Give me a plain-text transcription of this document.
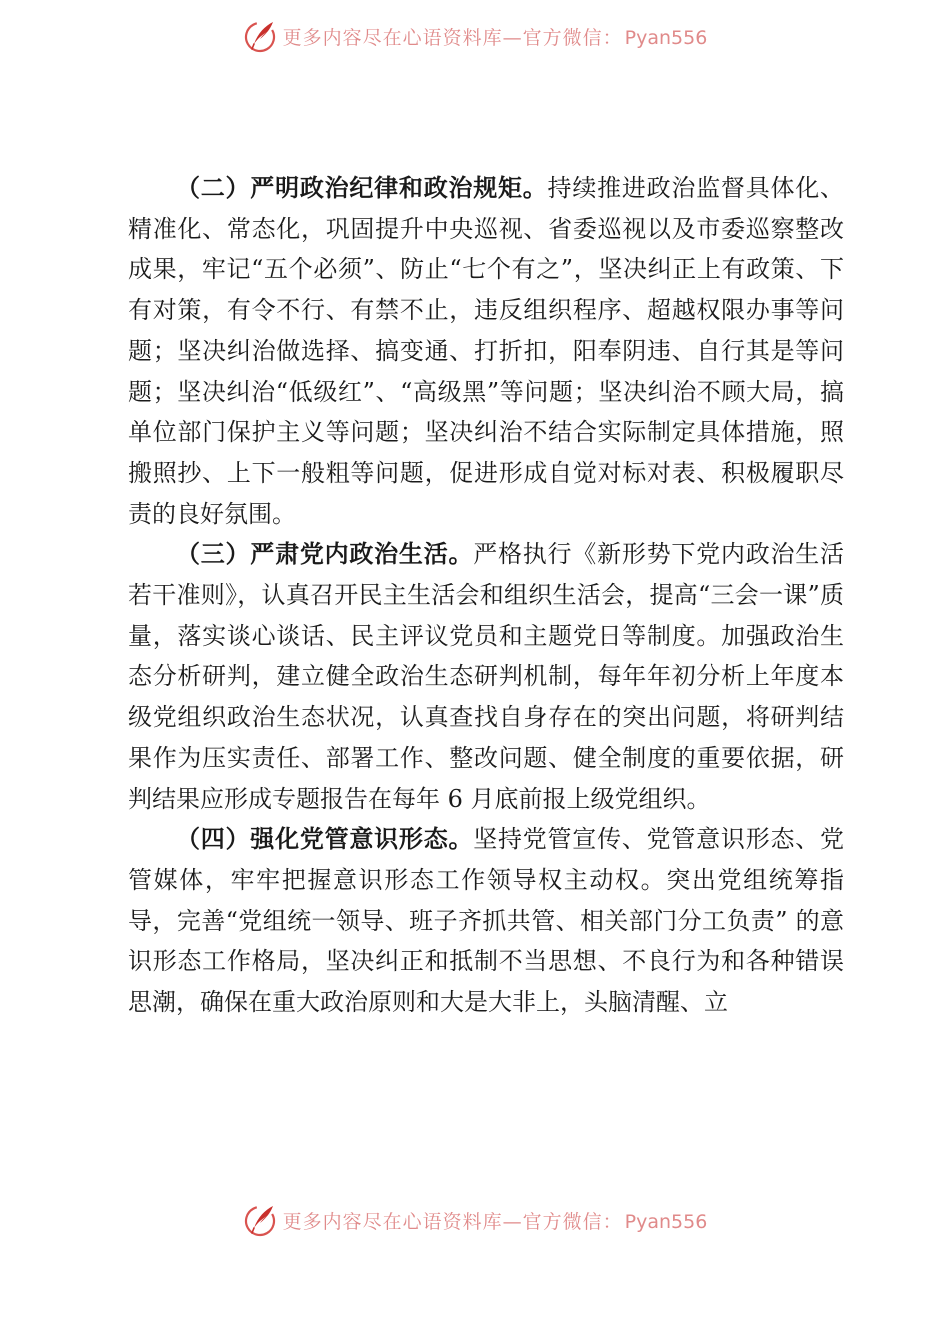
更多内容尽在心语资料库—官方微信： Pyan556

（二）严明政治纪律和政治规矩。持续推进政治监督具体化、精准化、常态化，巩固提升中央巡视、省委巡视以及市委巡察整改成果，牢记“五个必须”、防止“七个有之”，坚决纠正上有政策、下有对策，有令不行、有禁不止，违反组织程序、超越权限办事等问题；坚决纠治做选择、搞变通、打折扣，阳奉阴违、自行其是等问题；坚决纠治“低级红”、“高级黑”等问题；坚决纠治不顾大局，搞单位部门保护主义等问题；坚决纠治不结合实际制定具体措施，照搬照抄、上下一般粗等问题，促进形成自觉对标对表、积极履职尽责的良好氛围。

（三）严肃党内政治生活。严格执行《新形势下党内政治生活若干准则》，认真召开民主生活会和组织生活会，提高“三会一课”质量，落实谈心谈话、民主评议党员和主题党日等制度。加强政治生态分析研判，建立健全政治生态研判机制，每年年初分析上年度本级党组织政治生态状况，认真查找自身存在的突出问题，将研判结果作为压实责任、部署工作、整改问题、健全制度的重要依据，研判结果应形成专题报告在每年 6 月底前报上级党组织。

（四）强化党管意识形态。坚持党管宣传、党管意识形态、党管媒体，牢牢把握意识形态工作领导权主动权。突出党组统筹指导，完善“党组统一领导、班子齐抓共管、相关部门分工负责” 的意识形态工作格局，坚决纠正和抵制不当思想、不良行为和各种错误思潮，确保在重大政治原则和大是大非上，头脑清醒、立

更多内容尽在心语资料库—官方微信： Pyan556
